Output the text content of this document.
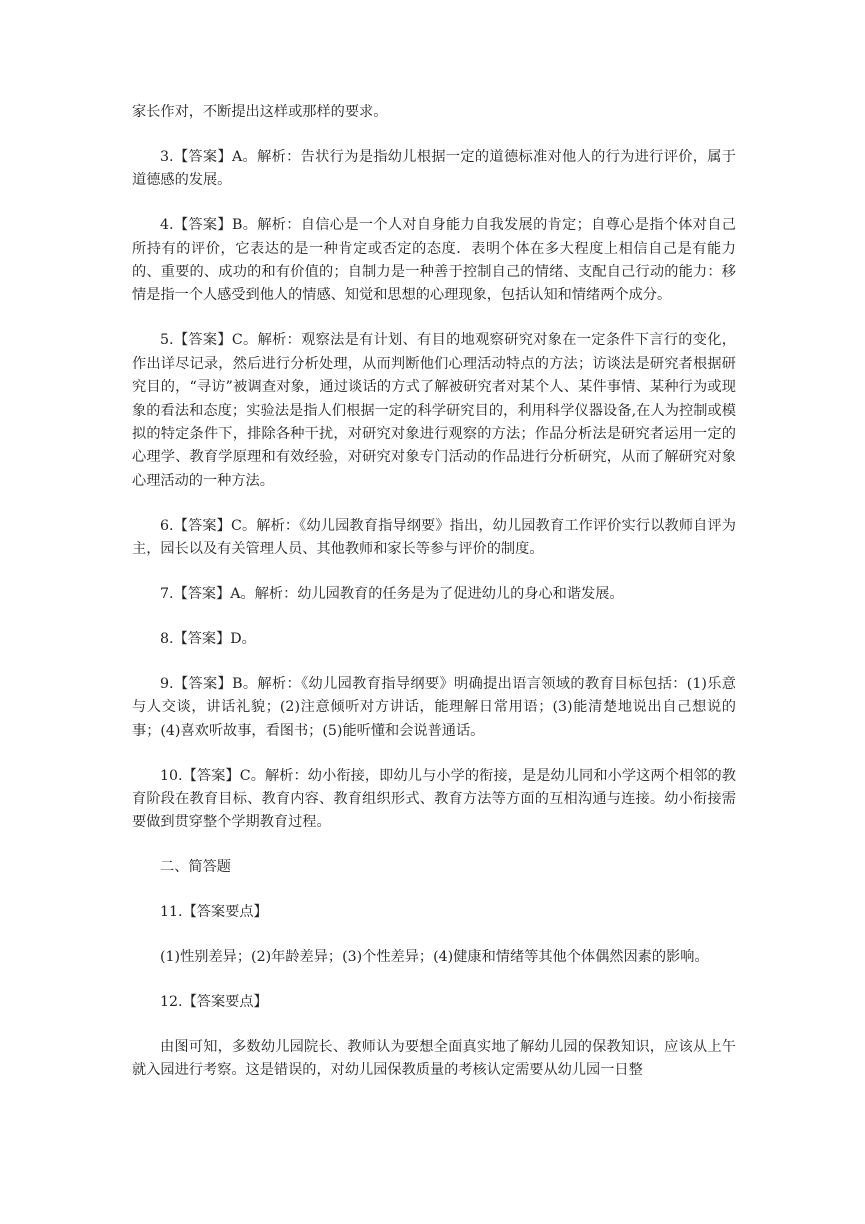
家长作对，不断提出这样或那样的要求。

3.【答案】A。解析：告状行为是指幼儿根据一定的道德标准对他人的行为进行评价，属于道德感的发展。

4.【答案】B。解析：自信心是一个人对自身能力自我发展的肯定；自尊心是指个体对自己所持有的评价，它表达的是一种肯定或否定的态度．表明个体在多大程度上相信自己是有能力的、重要的、成功的和有价值的；自制力是一种善于控制自己的情绪、支配自己行动的能力：移情是指一个人感受到他人的情感、知觉和思想的心理现象，包括认知和情绪两个成分。

5.【答案】C。解析：观察法是有计划、有目的地观察研究对象在一定条件下言行的变化，作出详尽记录，然后进行分析处理，从而判断他们心理活动特点的方法；访谈法是研究者根据研究目的，“寻访”被调查对象，通过谈话的方式了解被研究者对某个人、某件事情、某种行为或现象的看法和态度；实验法是指人们根据一定的科学研究目的，利用科学仪器设备,在人为控制或模拟的特定条件下，排除各种干扰，对研究对象进行观察的方法；作品分析法是研究者运用一定的心理学、教育学原理和有效经验，对研究对象专门活动的作品进行分析研究，从而了解研究对象心理活动的一种方法。

6.【答案】C。解析：《幼儿园教育指导纲要》指出，幼儿园教育工作评价实行以教师自评为主，园长以及有关管理人员、其他教师和家长等参与评价的制度。

7.【答案】A。解析：幼儿园教育的任务是为了促进幼儿的身心和谐发展。

8.【答案】D。

9.【答案】B。解析：《幼儿园教育指导纲要》明确提出语言领域的教育目标包括：(1)乐意与人交谈，讲话礼貌；(2)注意倾听对方讲话，能理解日常用语；(3)能清楚地说出自己想说的事；(4)喜欢听故事，看图书；(5)能听懂和会说普通话。

10.【答案】C。解析：幼小衔接，即幼儿与小学的衔接，是是幼儿同和小学这两个相邻的教育阶段在教育目标、教育内容、教育组织形式、教育方法等方面的互相沟通与连接。幼小衔接需要做到贯穿整个学期教育过程。

二、简答题

11.【答案要点】

(1)性别差异；(2)年龄差异；(3)个性差异；(4)健康和情绪等其他个体偶然因素的影响。

12.【答案要点】

由图可知，多数幼儿园院长、教师认为要想全面真实地了解幼儿园的保教知识，应该从上午就入园进行考察。这是错误的，对幼儿园保教质量的考核认定需要从幼儿园一日整
